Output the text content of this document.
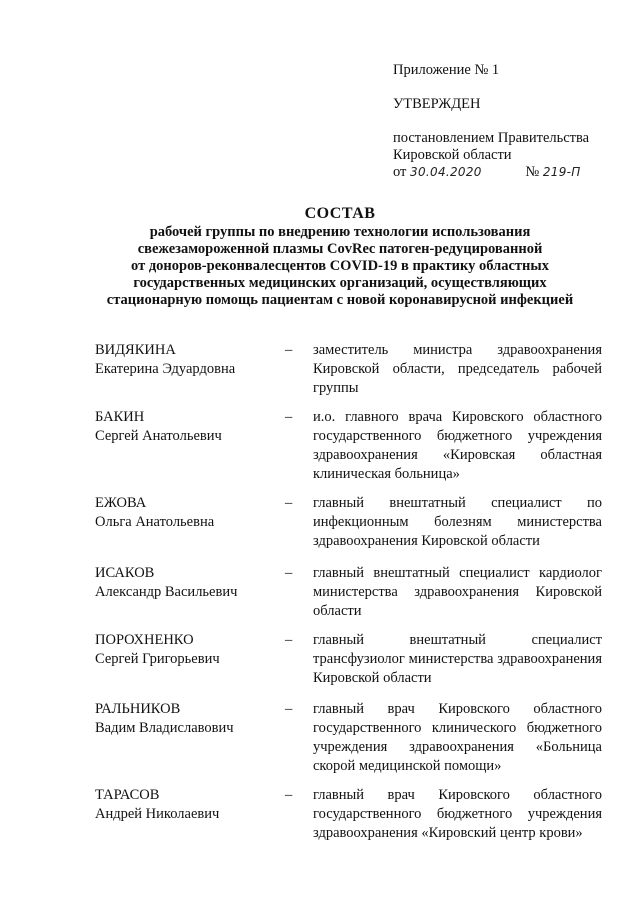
Приложение № 1
УТВЕРЖДЕН
постановлением Правительства
Кировской области
от 30.04.2020	№ 219-П
СОСТАВ
рабочей группы по внедрению технологии использования
свежезамороженной плазмы CovRec патоген-редуцированной
от доноров-реконвалесцентов COVID-19 в практику областных
государственных медицинских организаций, осуществляющих
стационарную помощь пациентам с новой коронавирусной инфекцией
ВИДЯКИНА
Екатерина Эдуардовна
– заместитель министра здравоохранения Кировской области, председатель рабочей группы
БАКИН
Сергей Анатольевич
– и.о. главного врача Кировского областного государственного бюджетного учреждения здравоохранения «Кировская областная клиническая больница»
ЕЖОВА
Ольга Анатольевна
– главный внештатный специалист по инфекционным болезням министерства здравоохранения Кировской области
ИСАКОВ
Александр Васильевич
– главный внештатный специалист кардиолог министерства здравоохранения Кировской области
ПОРОХНЕНКО
Сергей Григорьевич
– главный внештатный специалист трансфузиолог министерства здравоохранения Кировской области
РАЛЬНИКОВ
Вадим Владиславович
– главный врач Кировского областного государственного клинического бюджетного учреждения здравоохранения «Больница скорой медицинской помощи»
ТАРАСОВ
Андрей Николаевич
– главный врач Кировского областного государственного бюджетного учреждения здравоохранения «Кировский центр крови»
